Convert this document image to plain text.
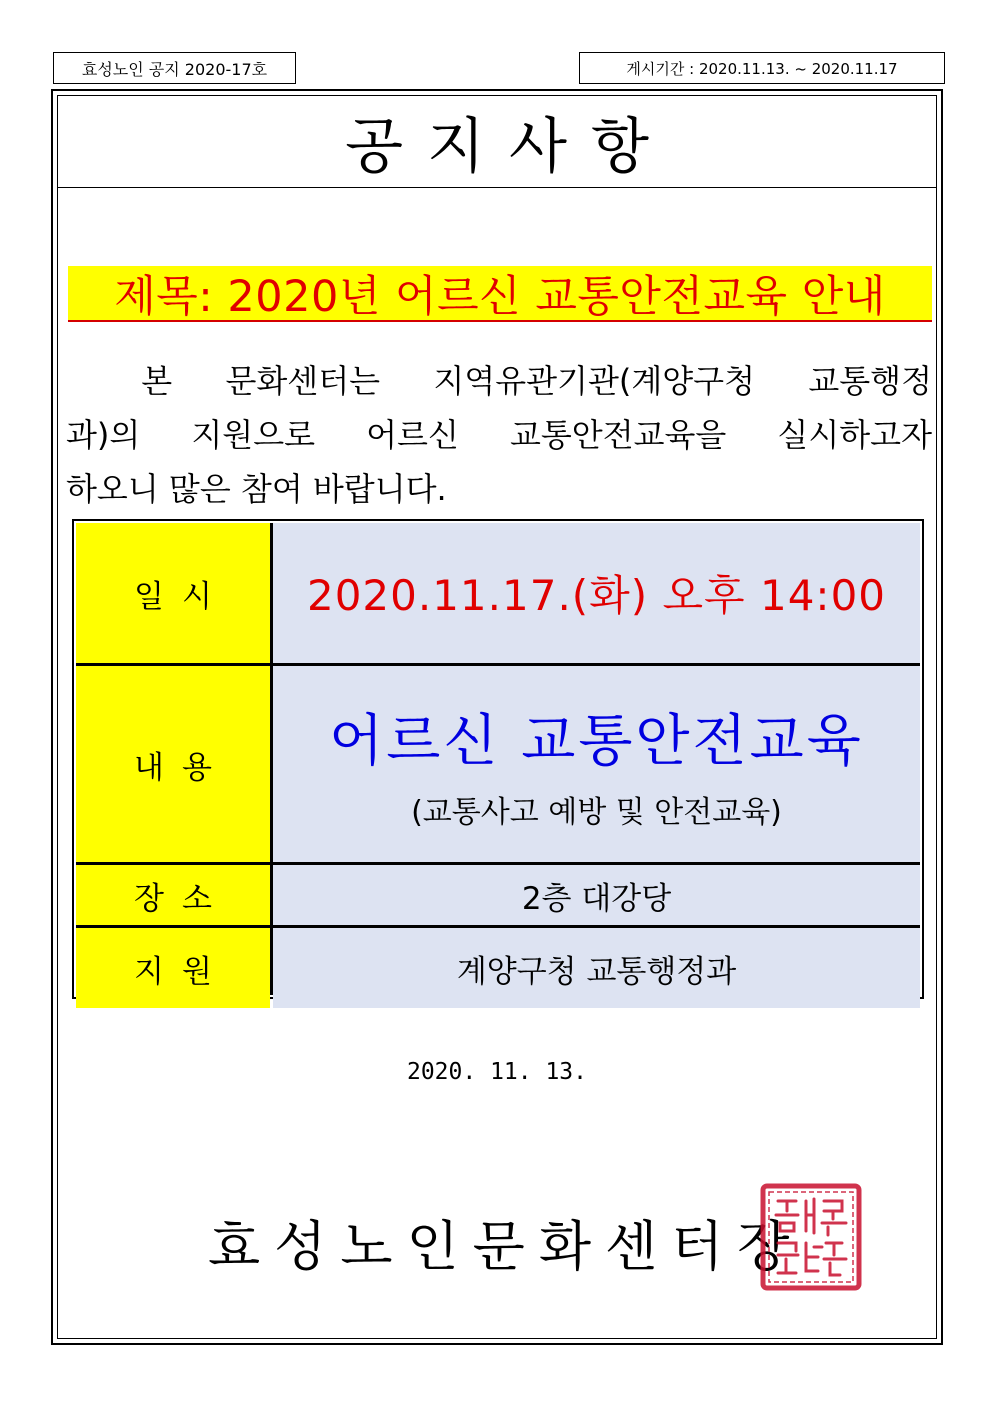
효성노인 공지 2020-17호	게시기간 : 2020.11.13. ~ 2020.11.17
공지사항
제목: 2020년 어르신 교통안전교육 안내
　본 문화센터는 지역유관기관(계양구청 교통행정
과)의 지원으로 어르신 교통안전교육을 실시하고자
하오니 많은 참여 바랍니다.
일시	2020.11.17.(화) 오후 14:00
내용	어르신 교통안전교육
(교통사고 예방 및 안전교육)
장소	2층 대강당
지원	계양구청 교통행정과
2020. 11. 13.
효성노인문화센터장
